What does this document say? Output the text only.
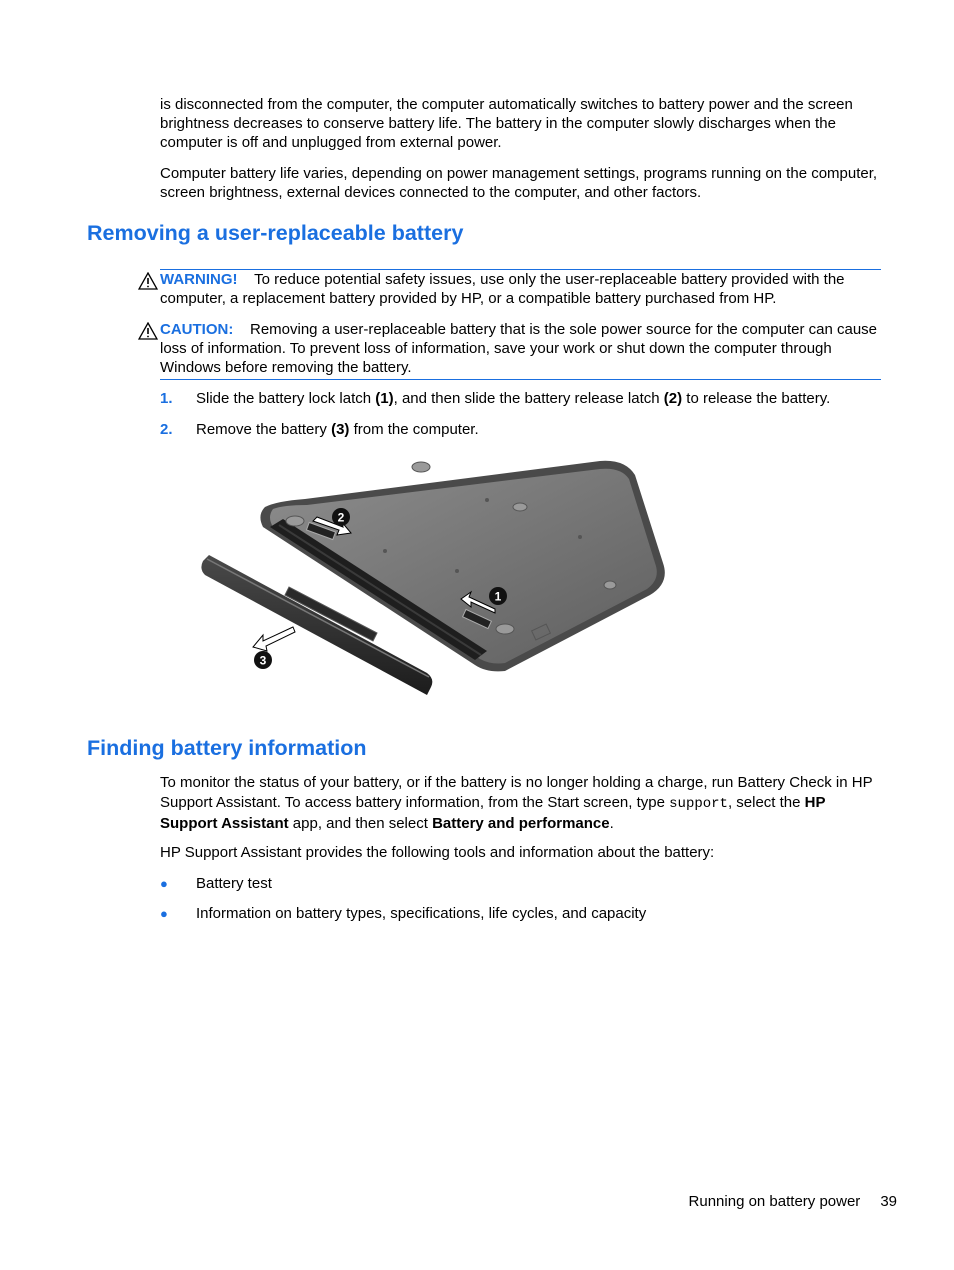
is disconnected from the computer, the computer automatically switches to battery power and the screen brightness decreases to conserve battery life. The battery in the computer slowly discharges when the computer is off and unplugged from external power.

Computer battery life varies, depending on power management settings, programs running on the computer, screen brightness, external devices connected to the computer, and other factors.

Removing a user-replaceable battery

WARNING! To reduce potential safety issues, use only the user-replaceable battery provided with the computer, a replacement battery provided by HP, or a compatible battery purchased from HP.

CAUTION: Removing a user-replaceable battery that is the sole power source for the computer can cause loss of information. To prevent loss of information, save your work or shut down the computer through Windows before removing the battery.

1. Slide the battery lock latch (1), and then slide the battery release latch (2) to release the battery.

2. Remove the battery (3) from the computer.

1
2
3
Finding battery information

To monitor the status of your battery, or if the battery is no longer holding a charge, run Battery Check in HP Support Assistant. To access battery information, from the Start screen, type support, select the HP Support Assistant app, and then select Battery and performance.

HP Support Assistant provides the following tools and information about the battery:

● Battery test
● Information on battery types, specifications, life cycles, and capacity
Running on battery power 39
